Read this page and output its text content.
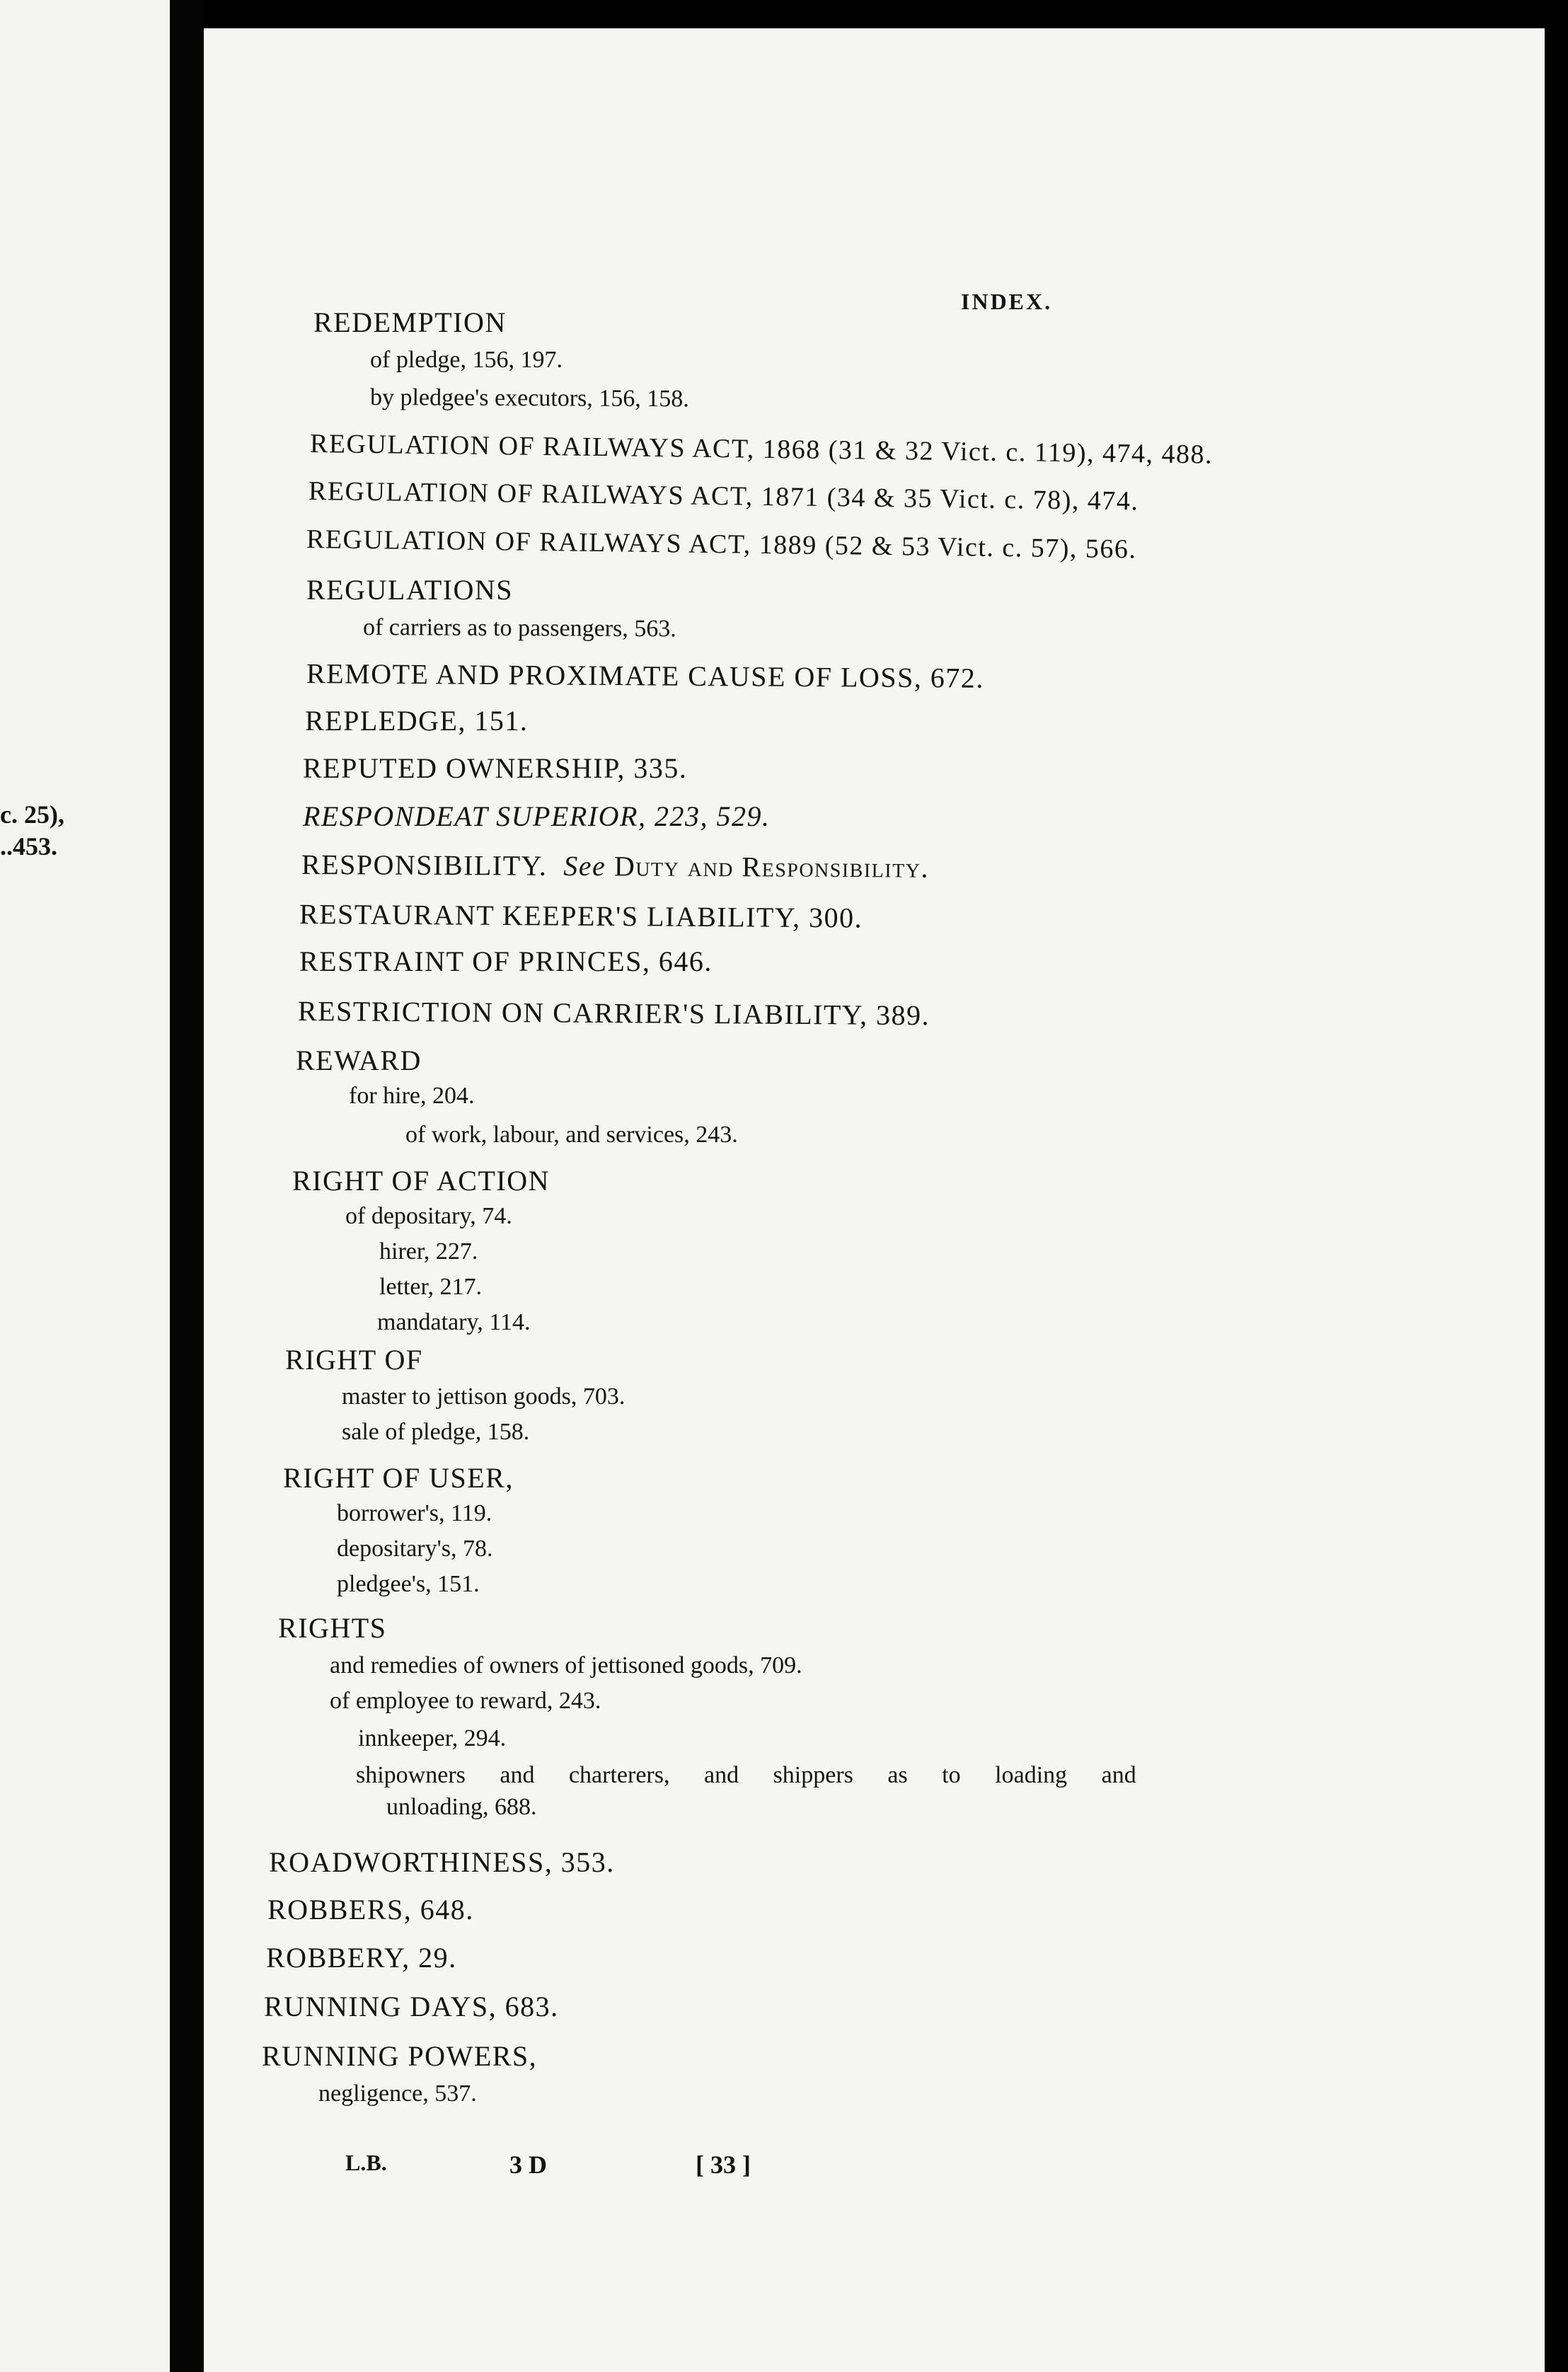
c. 25),
..453.
INDEX.
REDEMPTION
of pledge, 156, 197.
by pledgee's executors, 156, 158.
REGULATION OF RAILWAYS ACT, 1868 (31 & 32 Vict. c. 119), 474, 488.
REGULATION OF RAILWAYS ACT, 1871 (34 & 35 Vict. c. 78), 474.
REGULATION OF RAILWAYS ACT, 1889 (52 & 53 Vict. c. 57), 566.
REGULATIONS
of carriers as to passengers, 563.
REMOTE AND PROXIMATE CAUSE OF LOSS, 672.
REPLEDGE, 151.
REPUTED OWNERSHIP, 335.
RESPONDEAT SUPERIOR, 223, 529.
RESPONSIBILITY. See Duty and Responsibility.
RESTAURANT KEEPER'S LIABILITY, 300.
RESTRAINT OF PRINCES, 646.
RESTRICTION ON CARRIER'S LIABILITY, 389.
REWARD
for hire, 204.
of work, labour, and services, 243.
RIGHT OF ACTION
of depositary, 74.
hirer, 227.
letter, 217.
mandatary, 114.
RIGHT OF
master to jettison goods, 703.
sale of pledge, 158.
RIGHT OF USER,
borrower's, 119.
depositary's, 78.
pledgee's, 151.
RIGHTS
and remedies of owners of jettisoned goods, 709.
of employee to reward, 243.
innkeeper, 294.
shipowners and charterers, and shippers as to loading and
unloading, 688.
ROADWORTHINESS, 353.
ROBBERS, 648.
ROBBERY, 29.
RUNNING DAYS, 683.
RUNNING POWERS,
negligence, 537.
L.B.	3 D	[ 33 ]
